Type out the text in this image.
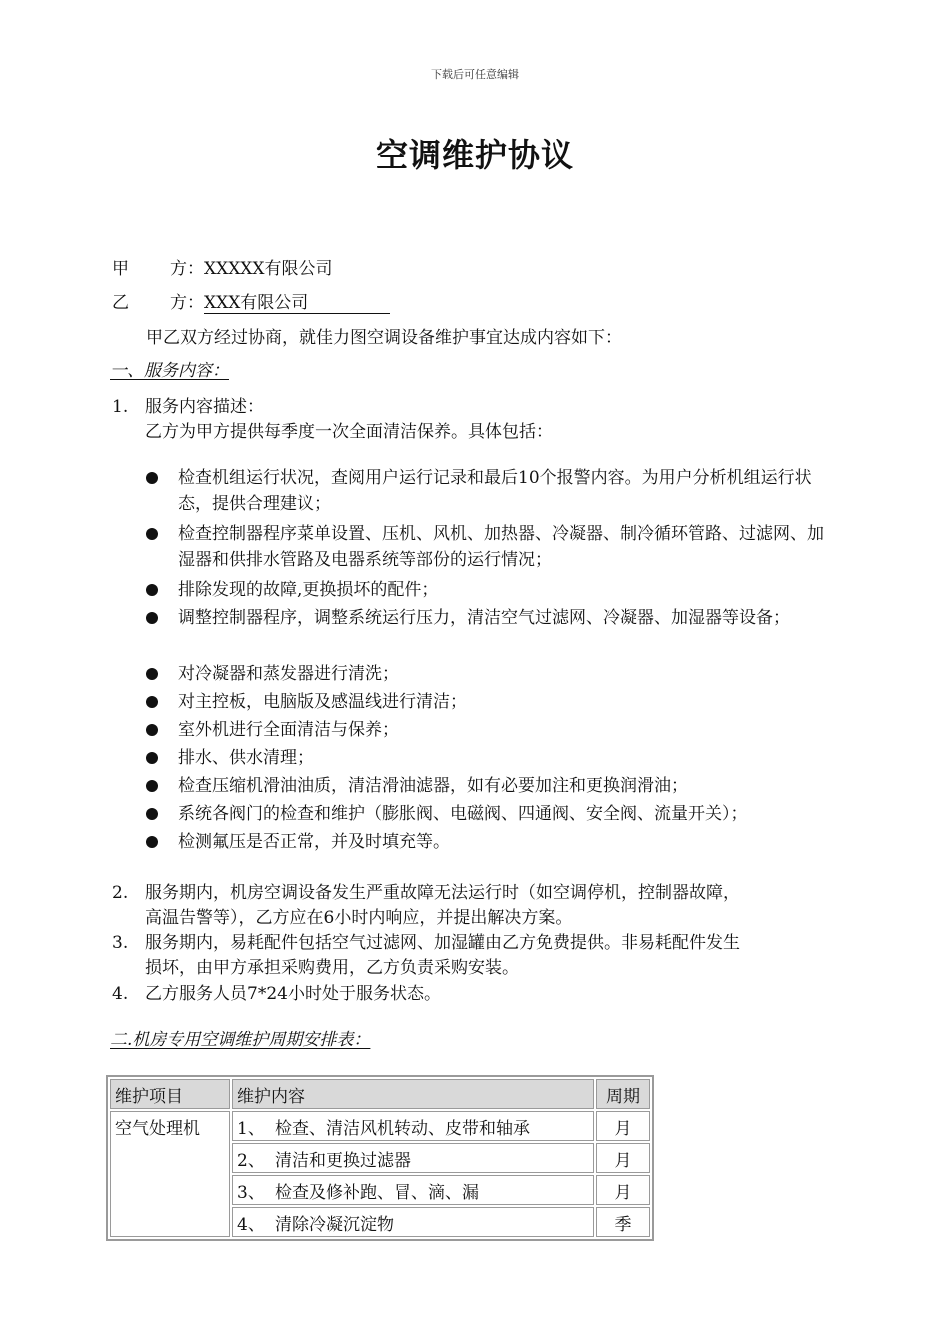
下载后可任意编辑
空调维护协议
甲 方：XXXXX有限公司
乙 方：XXX有限公司
甲乙双方经过协商，就佳力图空调设备维护事宜达成内容如下：
一、服务内容：
1. 服务内容描述：
乙方为甲方提供每季度一次全面清洁保养。具体包括：
检查机组运行状况，查阅用户运行记录和最后10个报警内容。为用户分析机组运行状态，提供合理建议；
检查控制器程序菜单设置、压机、风机、加热器、冷凝器、制冷循环管路、过滤网、加湿器和供排水管路及电器系统等部份的运行情况；
排除发现的故障,更换损坏的配件；
调整控制器程序，调整系统运行压力，清洁空气过滤网、冷凝器、加湿器等设备；
对冷凝器和蒸发器进行清洗；
对主控板，电脑版及感温线进行清洁；
室外机进行全面清洁与保养；
排水、供水清理；
检查压缩机滑油油质，清洁滑油滤器，如有必要加注和更换润滑油；
系统各阀门的检查和维护（膨胀阀、电磁阀、四通阀、安全阀、流量开关）；
检测氟压是否正常，并及时填充等。
2. 服务期内，机房空调设备发生严重故障无法运行时（如空调停机，控制器故障，
高温告警等），乙方应在6小时内响应，并提出解决方案。
3. 服务期内，易耗配件包括空气过滤网、加湿罐由乙方免费提供。非易耗配件发生
损坏，由甲方承担采购费用，乙方负责采购安装。
4. 乙方服务人员7*24小时处于服务状态。
二.机房专用空调维护周期安排表：
维护项目	维护内容	周期
空气处理机	1、 检查、清洁风机转动、皮带和轴承	月
	2、 清洁和更换过滤器	月
	3、 检查及修补跑、冒、滴、漏	月
	4、 清除冷凝沉淀物	季
